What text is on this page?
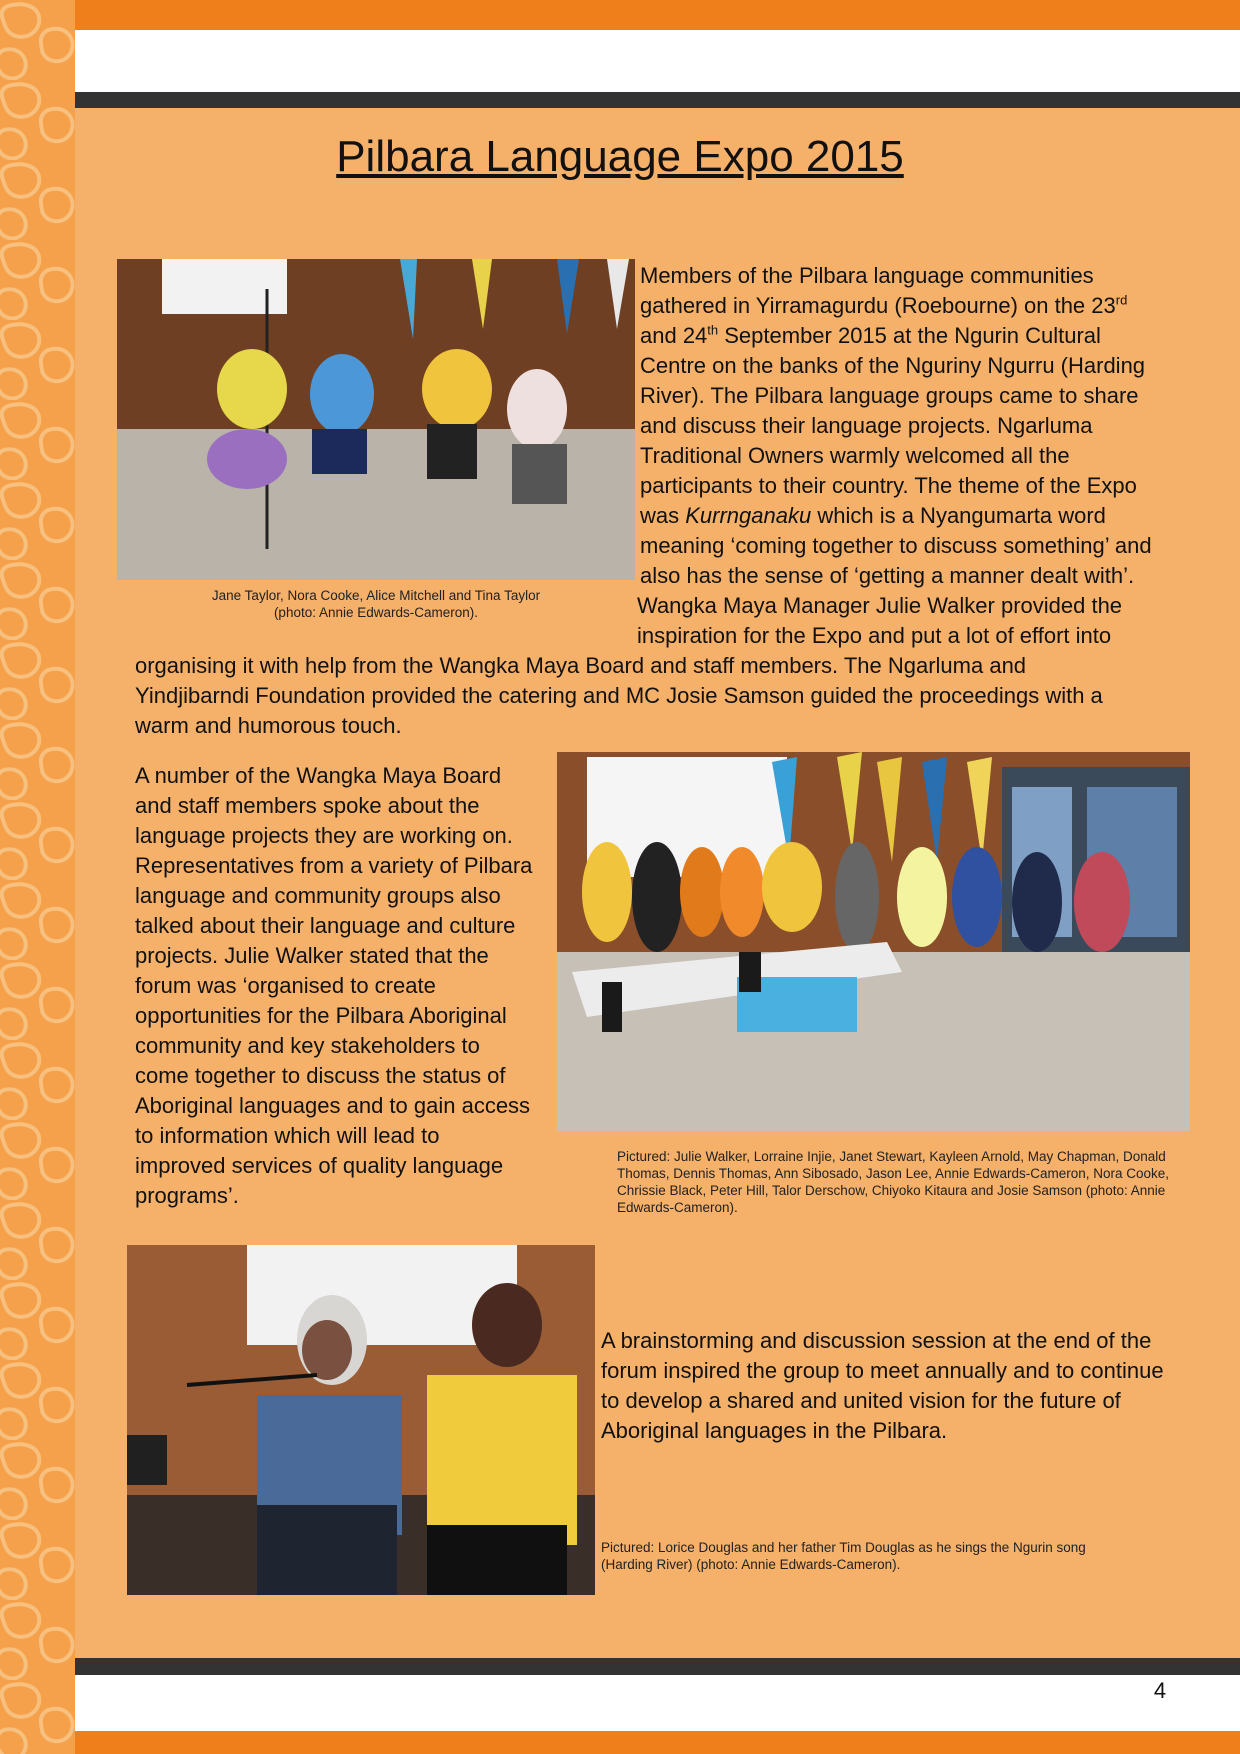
Pilbara Language Expo 2015

Jane Taylor, Nora Cooke, Alice Mitchell and Tina Taylor

(photo: Annie Edwards-Cameron).

Members of the Pilbara language communities

gathered in Yirramagurdu (Roebourne) on the 23rd

and 24th September 2015 at the Ngurin Cultural

Centre on the banks of the Nguriny Ngurru (Harding

River). The Pilbara language groups came to share

and discuss their language projects. Ngarluma

Traditional Owners warmly welcomed all the

participants to their country. The theme of the Expo

was Kurrnganaku which is a Nyangumarta word

meaning ‘coming together to discuss something’ and

also has the sense of ‘getting a manner dealt with’.

Wangka Maya Manager Julie Walker provided the

inspiration for the Expo and put a lot of effort into

organising it with help from the Wangka Maya Board and staff members. The Ngarluma and

Yindjibarndi Foundation provided the catering and MC Josie Samson guided the proceedings with a

warm and humorous touch.

A number of the Wangka Maya Board

and staff members spoke about the

language projects they are working on.

Representatives from a variety of Pilbara

language and community groups also

talked about their language and culture

projects. Julie Walker stated that the

forum was ‘organised to create

opportunities for the Pilbara Aboriginal

community and key stakeholders to

come together to discuss the status of

Aboriginal languages and to gain access

to information which will lead to

improved services of quality language

programs’.

Pictured: Julie Walker, Lorraine Injie, Janet Stewart, Kayleen Arnold, May Chapman, Donald

Thomas, Dennis Thomas, Ann Sibosado, Jason Lee, Annie Edwards-Cameron, Nora Cooke,

Chrissie Black, Peter Hill, Talor Derschow, Chiyoko Kitaura and Josie Samson (photo: Annie

Edwards-Cameron).

A brainstorming and discussion session at the end of the

forum inspired the group to meet annually and to continue

to develop a shared and united vision for the future of

Aboriginal languages in the Pilbara.

Pictured: Lorice Douglas and her father Tim Douglas as he sings the Ngurin song

(Harding River) (photo: Annie Edwards-Cameron).

4
